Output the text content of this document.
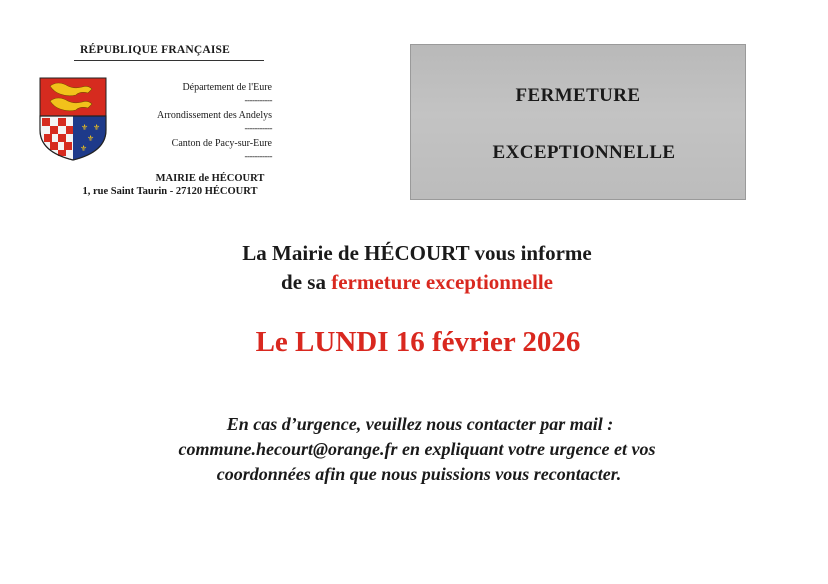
RÉPUBLIQUE FRANÇAISE
⚜ ⚜
⚜
⚜
Département de l'Eure
-----------
Arrondissement des Andelys
-----------
Canton de Pacy-sur-Eure
-----------
MAIRIE de HÉCOURT
1, rue Saint Taurin - 27120 HÉCOURT
FERMETURE
EXCEPTIONNELLE
La Mairie de HÉCOURT vous informe
de sa fermeture exceptionnelle
Le LUNDI 16 février 2026
En cas d’urgence, veuillez nous contacter par mail :
commune.hecourt@orange.fr en expliquant votre urgence et vos
coordonnées afin que nous puissions vous recontacter.
